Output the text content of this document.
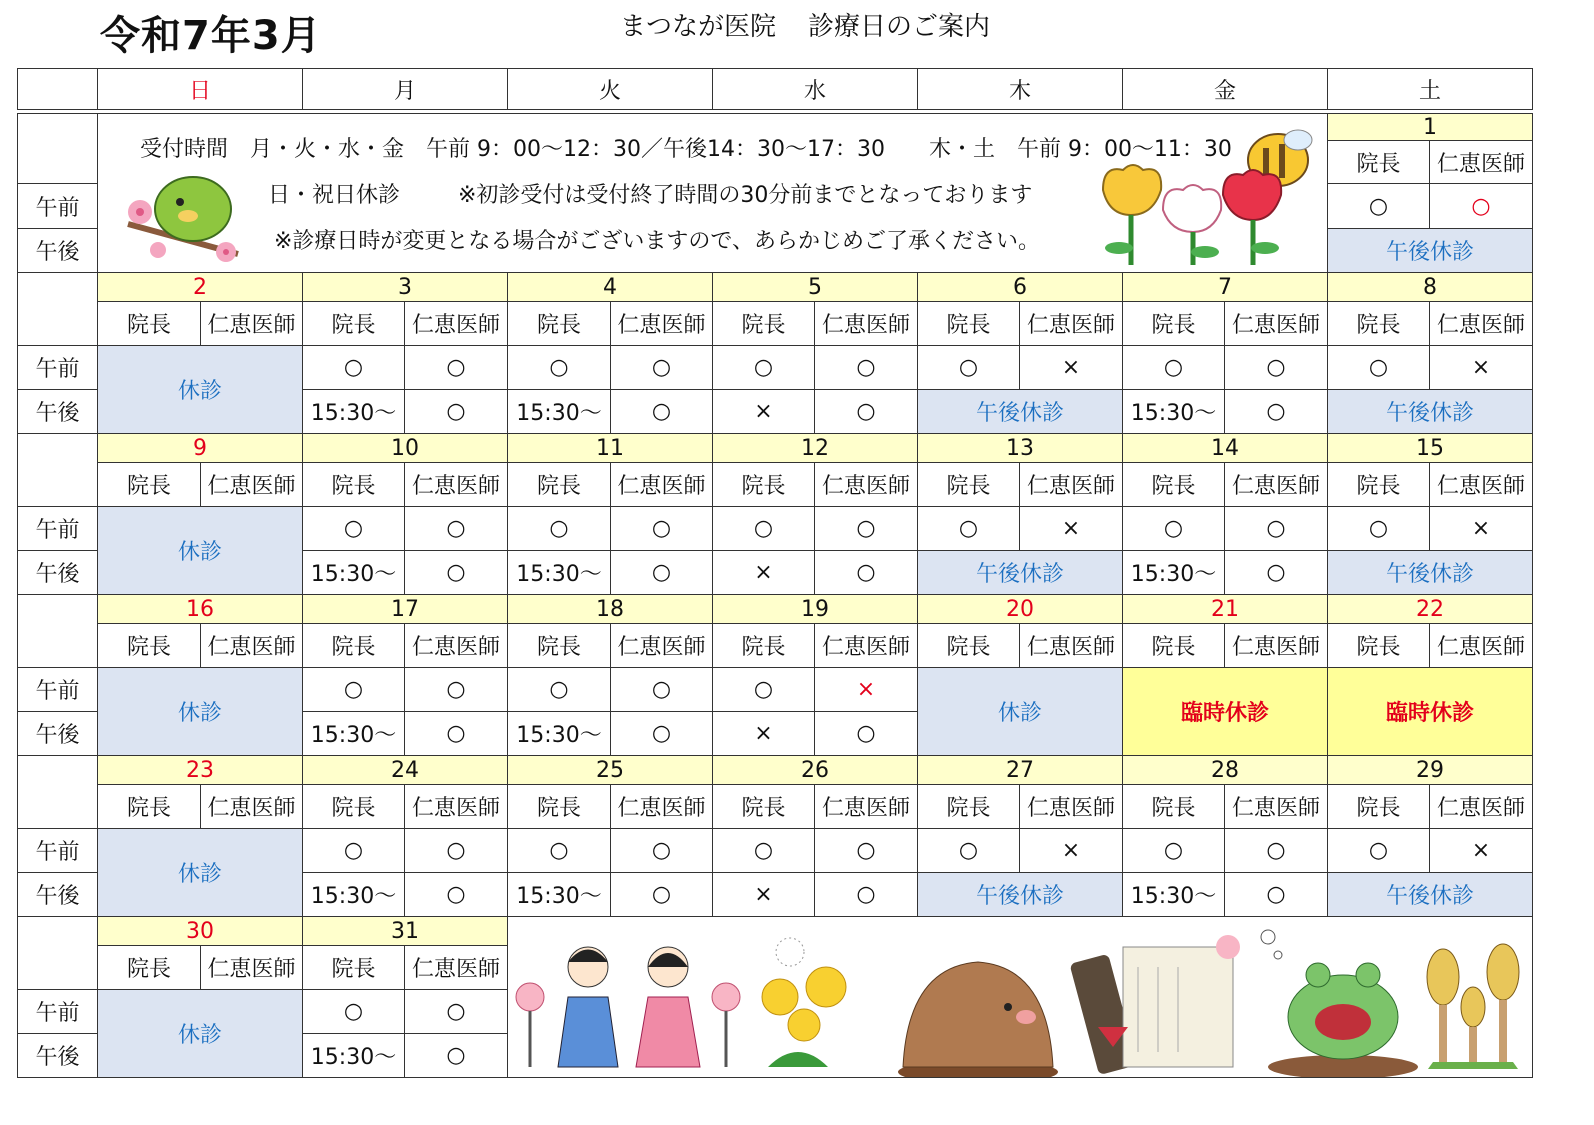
令和7年3月	まつなが医院 診療日のご案内
	日		月		火		水		木		金		土	

	受付時間　月・火・水・金　午前 9：00〜12：30／午後14：30〜17：30　　木・土　午前 9：00〜11：30
日・祝日休診 ※初診受付は受付終了時間の30分前までとなっております
※診療日時が変更となる場合がございますので、あらかじめご了承ください。												1	
													院長	仁恵医師
午前													○	○
午後													午後休診	
	2		3		4		5		6		7		8	
	院長	仁恵医師	院長	仁恵医師	院長	仁恵医師	院長	仁恵医師	院長	仁恵医師	院長	仁恵医師	院長	仁恵医師
午前	休診		○	○	○	○	○	○	○	×	○	○	○	×
午後			15:30〜	○	15:30〜	○	×	○	午後休診		15:30〜	○	午後休診	
	9		10		11		12		13		14		15	
	院長	仁恵医師	院長	仁恵医師	院長	仁恵医師	院長	仁恵医師	院長	仁恵医師	院長	仁恵医師	院長	仁恵医師
午前	休診		○	○	○	○	○	○	○	×	○	○	○	×
午後			15:30〜	○	15:30〜	○	×	○	午後休診		15:30〜	○	午後休診	
	16		17		18		19		20		21		22	
	院長	仁恵医師	院長	仁恵医師	院長	仁恵医師	院長	仁恵医師	院長	仁恵医師	院長	仁恵医師	院長	仁恵医師
午前	休診		○	○	○	○	○	×	休診		臨時休診		臨時休診	
午後			15:30〜	○	15:30〜	○	×	○						
	23		24		25		26		27		28		29	
	院長	仁恵医師	院長	仁恵医師	院長	仁恵医師	院長	仁恵医師	院長	仁恵医師	院長	仁恵医師	院長	仁恵医師
午前	休診		○	○	○	○	○	○	○	×	○	○	○	×
午後			15:30〜	○	15:30〜	○	×	○	午後休診		15:30〜	○	午後休診	
	30		31	

	院長	仁恵医師	院長	仁恵医師										
午前	休診		○	○										
午後			15:30〜	○										
